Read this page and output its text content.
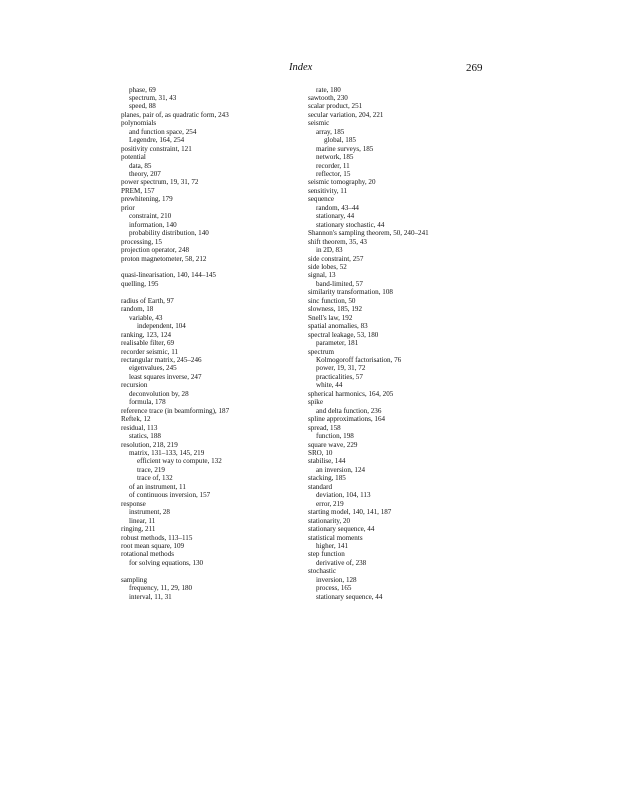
Index	269
phase, 69
spectrum, 31, 43
speed, 88
planes, pair of, as quadratic form, 243
polynomials
and function space, 254
Legendre, 164, 254
positivity constraint, 121
potential
data, 85
theory, 207
power spectrum, 19, 31, 72
PREM, 157
prewhitening, 179
prior
constraint, 210
information, 140
probability distribution, 140
processing, 15
projection operator, 248
proton magnetometer, 58, 212
quasi-linearisation, 140, 144–145
quelling, 195
radius of Earth, 97
random, 18
variable, 43
independent, 104
ranking, 123, 124
realisable filter, 69
recorder seismic, 11
rectangular matrix, 245–246
eigenvalues, 245
least squares inverse, 247
recursion
deconvolution by, 28
formula, 178
reference trace (in beamforming), 187
Reftek, 12
residual, 113
statics, 188
resolution, 218, 219
matrix, 131–133, 145, 219
efficient way to compute, 132
trace, 219
trace of, 132
of an instrument, 11
of continuous inversion, 157
response
instrument, 28
linear, 11
ringing, 211
robust methods, 113–115
root mean square, 109
rotational methods
for solving equations, 130
sampling
frequency, 11, 29, 180
interval, 11, 31
rate, 180
sawtooth, 230
scalar product, 251
secular variation, 204, 221
seismic
array, 185
global, 185
marine surveys, 185
network, 185
recorder, 11
reflector, 15
seismic tomography, 20
sensitivity, 11
sequence
random, 43–44
stationary, 44
stationary stochastic, 44
Shannon's sampling theorem, 50, 240–241
shift theorem, 35, 43
in 2D, 83
side constraint, 257
side lobes, 52
signal, 13
band-limited, 57
similarity transformation, 108
sinc function, 50
slowness, 185, 192
Snell's law, 192
spatial anomalies, 83
spectral leakage, 53, 180
parameter, 181
spectrum
Kolmogoroff factorisation, 76
power, 19, 31, 72
practicalities, 57
white, 44
spherical harmonics, 164, 205
spike
and delta function, 236
spline approximations, 164
spread, 158
function, 198
square wave, 229
SRO, 10
stabilise, 144
an inversion, 124
stacking, 185
standard
deviation, 104, 113
error, 219
starting model, 140, 141, 187
stationarity, 20
stationary sequence, 44
statistical moments
higher, 141
step function
derivative of, 238
stochastic
inversion, 128
process, 165
stationary sequence, 44
